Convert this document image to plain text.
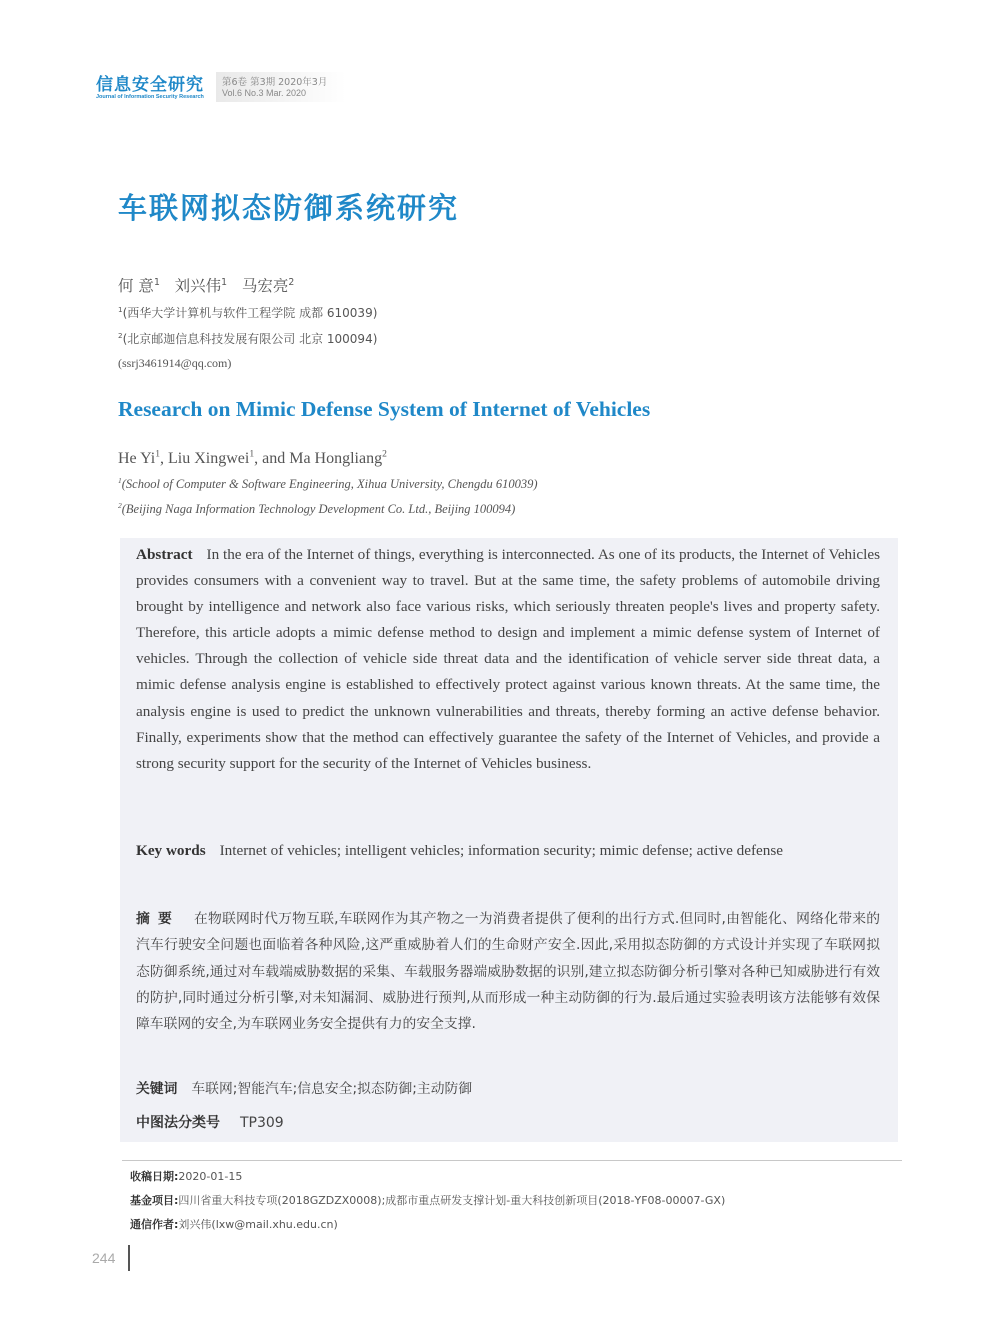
信息安全研究
Journal of Information Security Research
第6卷 第3期 2020年3月
Vol.6 No.3 Mar. 2020
车联网拟态防御系统研究
何 意$^1$ 刘兴伟$^1$ 马宏亮$^2$
$^1$(西华大学计算机与软件工程学院 成都 610039)
$^2$(北京邮迦信息科技发展有限公司 北京 100094)
(ssrj3461914@qq.com)
Research on Mimic Defense System of Internet of Vehicles
He Yi$^1$, Liu Xingwei$^1$, and Ma Hongliang$^2$
$^1$(School of Computer & Software Engineering, Xihua University, Chengdu 610039)
$^2$(Beijing Naga Information Technology Development Co. Ltd., Beijing 100094)

Abstract In the era of the Internet of things, everything is interconnected. As one of its products, the Internet of Vehicles provides consumers with a convenient way to travel. But at the same time, the safety problems of automobile driving brought by intelligence and network also face various risks, which seriously threaten people's lives and property safety. Therefore, this article adopts a mimic defense method to design and implement a mimic defense system of Internet of vehicles. Through the collection of vehicle side threat data and the identification of vehicle server side threat data, a mimic defense analysis engine is established to effectively protect against various known threats. At the same time, the analysis engine is used to predict the unknown vulnerabilities and threats, thereby forming an active defense behavior. Finally, experiments show that the method can effectively guarantee the safety of the Internet of Vehicles, and provide a strong security support for the security of the Internet of Vehicles business.

Key words Internet of vehicles; intelligent vehicles; information security; mimic defense; active defense

摘要 在物联网时代万物互联,车联网作为其产物之一为消费者提供了便利的出行方式.但同时,由智能化、网络化带来的汽车行驶安全问题也面临着各种风险,这严重威胁着人们的生命财产安全.因此,采用拟态防御的方式设计并实现了车联网拟态防御系统,通过对车载端威胁数据的采集、车载服务器端威胁数据的识别,建立拟态防御分析引擎对各种已知威胁进行有效的防护,同时通过分析引擎,对未知漏洞、威胁进行预判,从而形成一种主动防御的行为.最后通过实验表明该方法能够有效保障车联网的安全,为车联网业务安全提供有力的安全支撑.

关键词 车联网;智能汽车;信息安全;拟态防御;主动防御
中图法分类号 TP309
收稿日期:2020-01-15
基金项目:四川省重大科技专项(2018GZDZX0008);成都市重点研发支撑计划-重大科技创新项目(2018-YF08-00007-GX)
通信作者:刘兴伟(lxw@mail.xhu.edu.cn)
244
